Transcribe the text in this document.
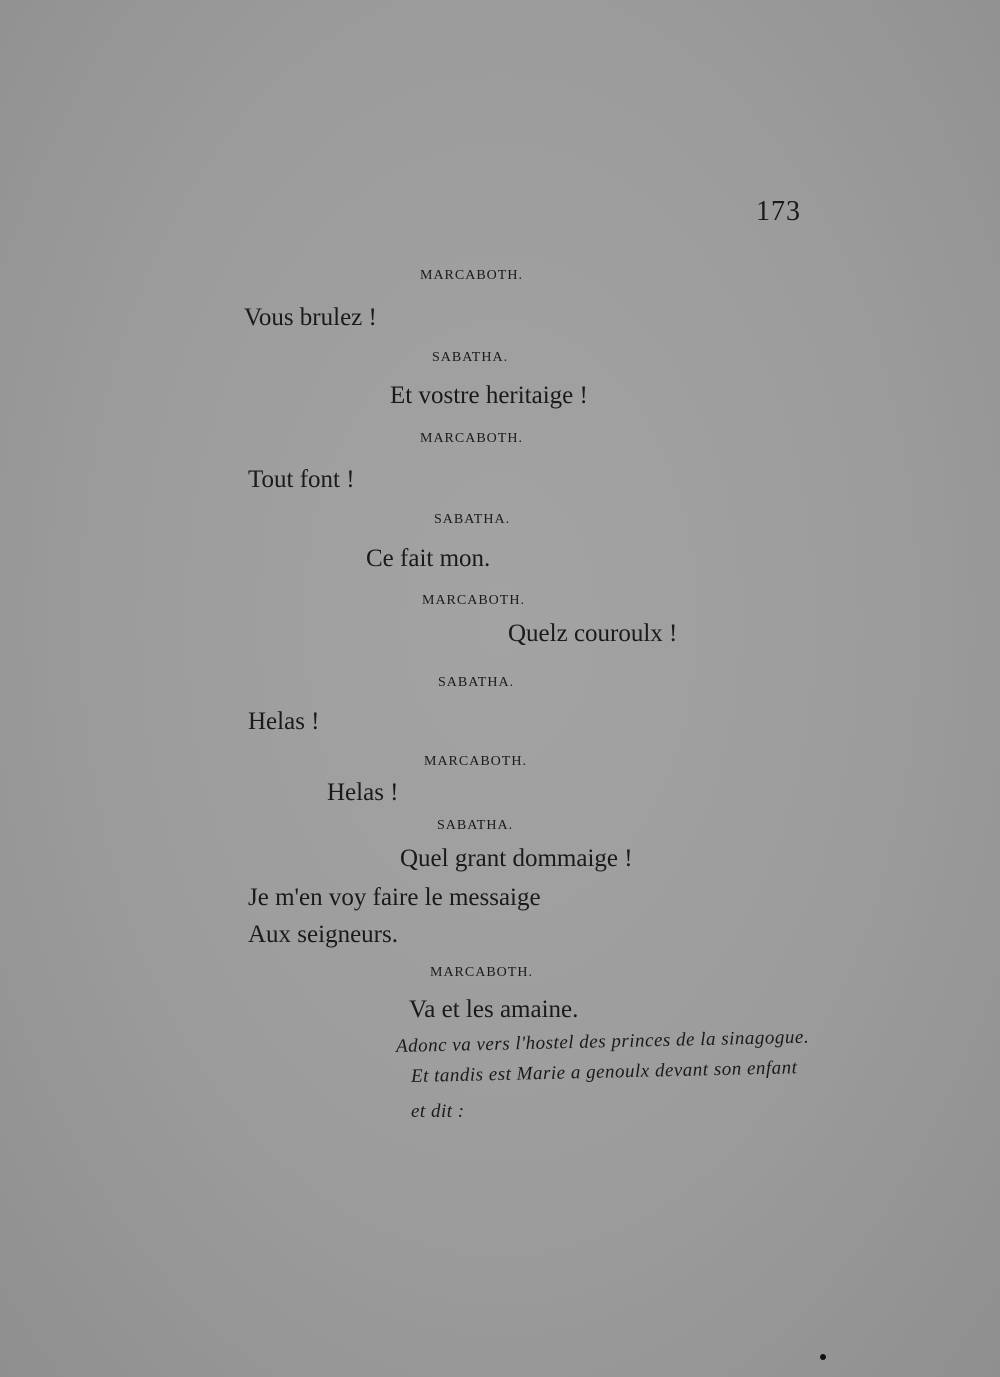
173
MARCABOTH.
Vous brulez !
SABATHA.
Et vostre heritaige !
MARCABOTH.
Tout font !
SABATHA.
Ce fait mon.
MARCABOTH.
Quelz couroulx !
SABATHA.
Helas !
MARCABOTH.
Helas !
SABATHA.
Quel grant dommaige !
Je m'en voy faire le messaige
Aux seigneurs.
MARCABOTH.
Va et les amaine.
Adonc va vers l'hostel des princes de la sinagogue.
Et tandis est Marie a genoulx devant son enfant
et dit :
